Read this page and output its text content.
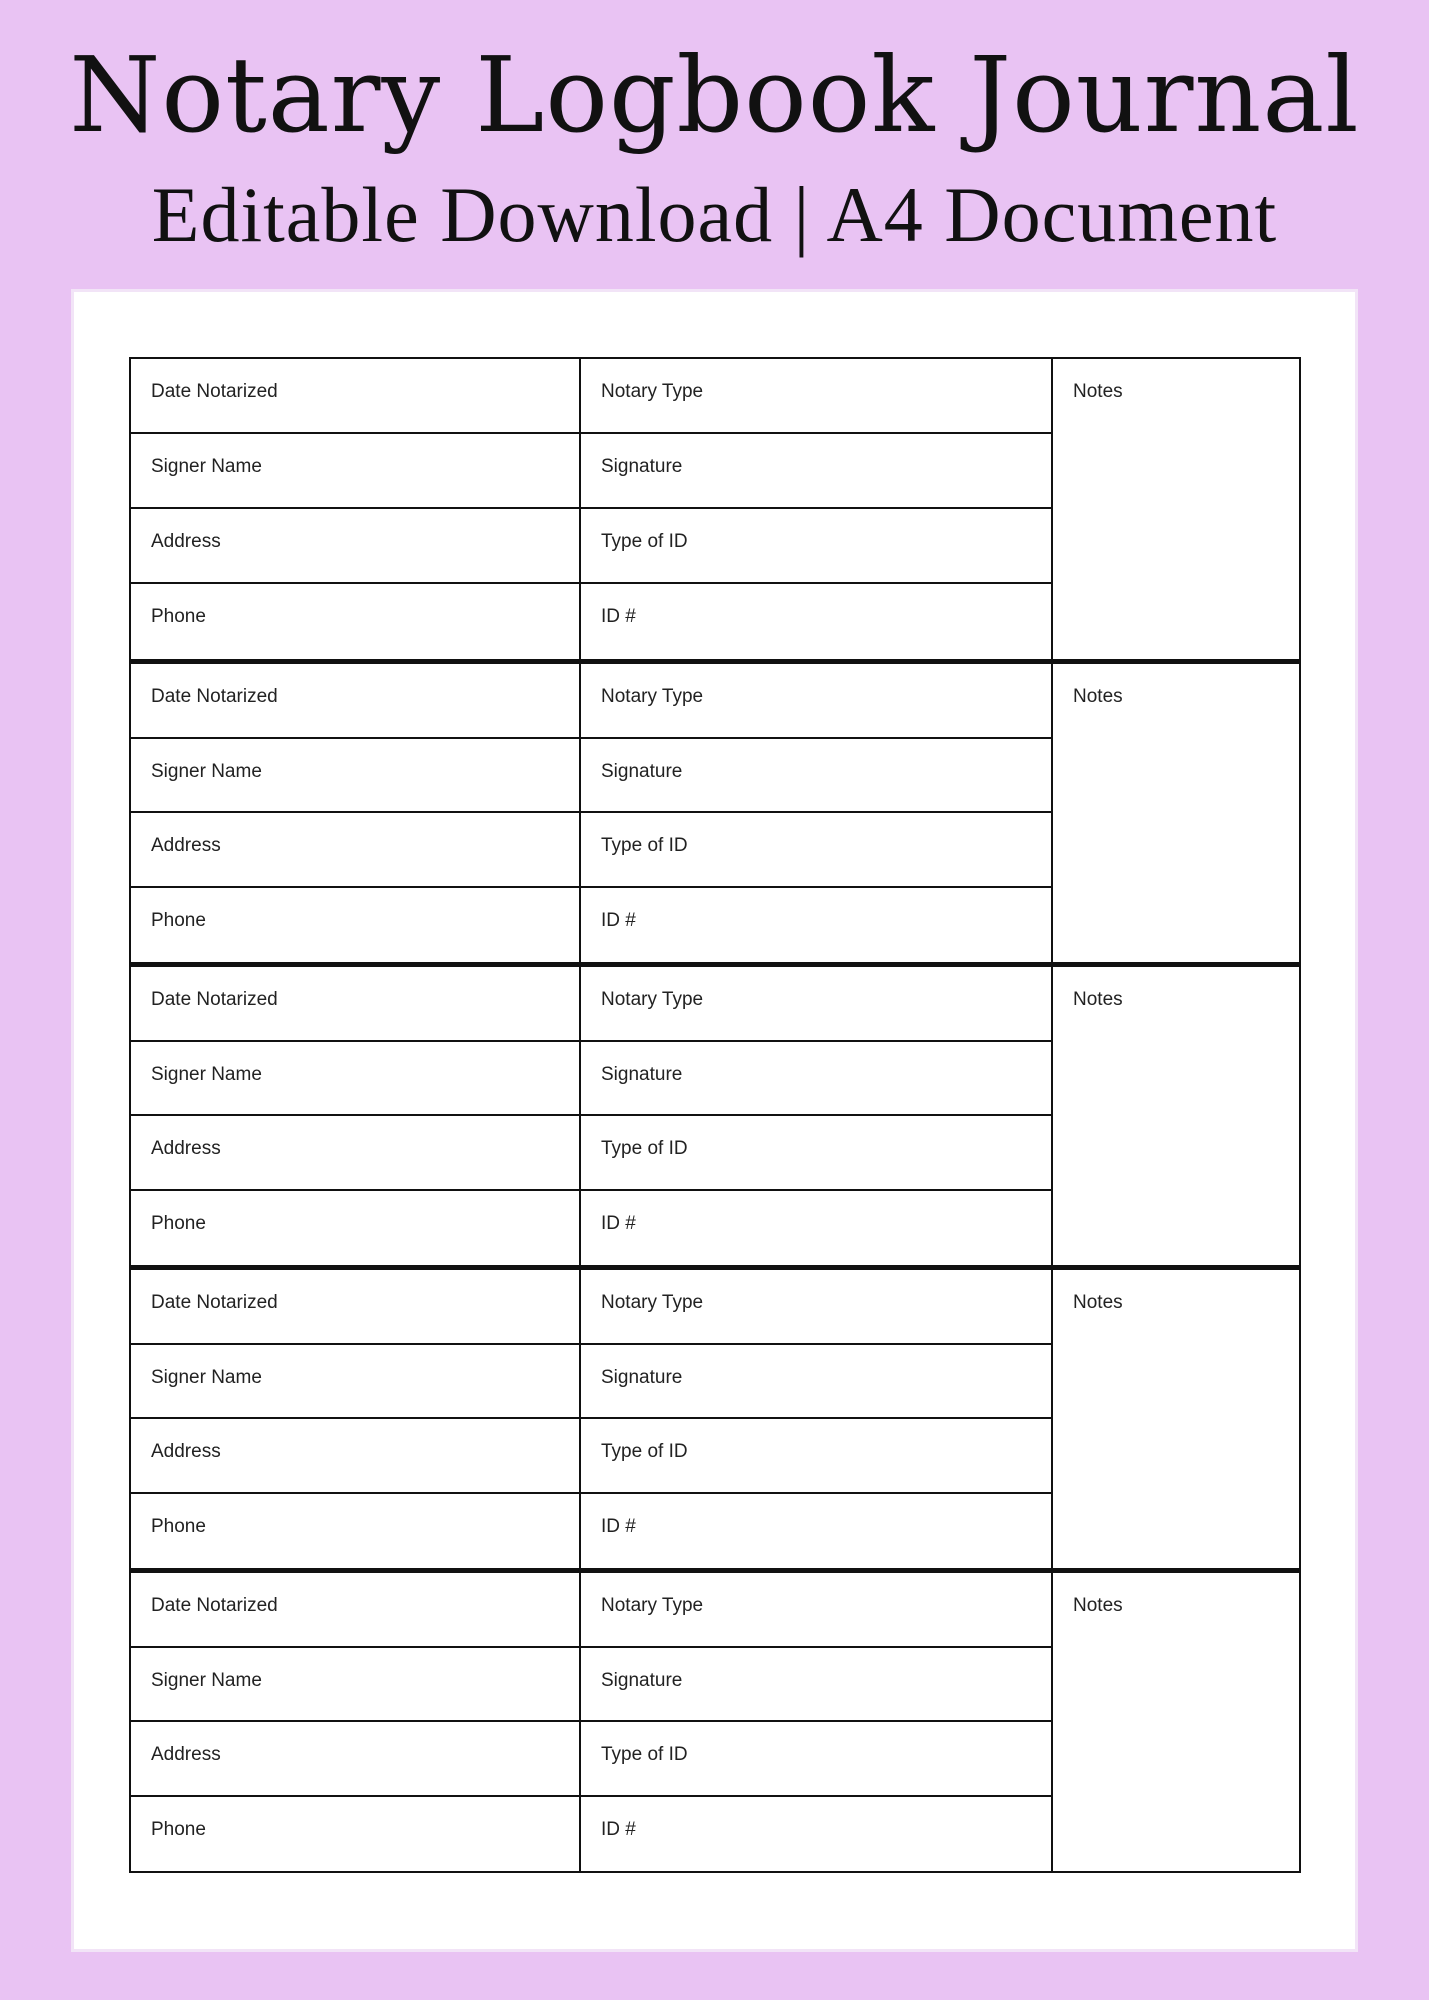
Notary Logbook Journal
Editable Download | A4 Document
Date Notarized	Notary Type	Notes
Signer Name	Signature
Address	Type of ID
Phone	ID #
Date Notarized	Notary Type	Notes
Signer Name	Signature
Address	Type of ID
Phone	ID #
Date Notarized	Notary Type	Notes
Signer Name	Signature
Address	Type of ID
Phone	ID #
Date Notarized	Notary Type	Notes
Signer Name	Signature
Address	Type of ID
Phone	ID #
Date Notarized	Notary Type	Notes
Signer Name	Signature
Address	Type of ID
Phone	ID #
